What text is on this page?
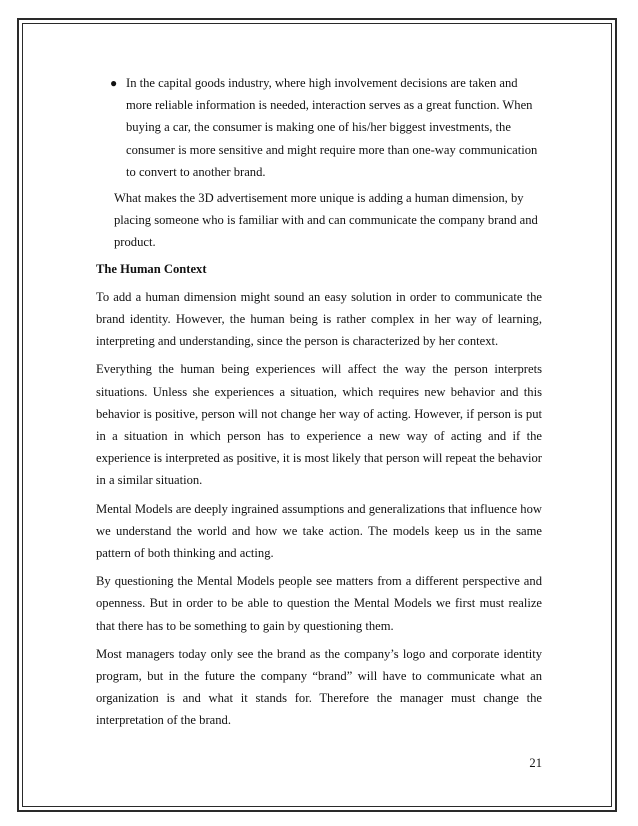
● In the capital goods industry, where high involvement decisions are taken and more reliable information is needed, interaction serves as a great function. When buying a car, the consumer is making one of his/her biggest investments, the consumer is more sensitive and might require more than one-way communication to convert to another brand.

What makes the 3D advertisement more unique is adding a human dimension, by placing someone who is familiar with and can communicate the company brand and product.

The Human Context

To add a human dimension might sound an easy solution in order to communicate the brand identity. However, the human being is rather complex in her way of learning, interpreting and understanding, since the person is characterized by her context.

Everything the human being experiences will affect the way the person interprets situations. Unless she experiences a situation, which requires new behavior and this behavior is positive, person will not change her way of acting. However, if person is put in a situation in which person has to experience a new way of acting and if the experience is interpreted as positive, it is most likely that person will repeat the behavior in a similar situation.

Mental Models are deeply ingrained assumptions and generalizations that influence how we understand the world and how we take action. The models keep us in the same pattern of both thinking and acting.

By questioning the Mental Models people see matters from a different perspective and openness. But in order to be able to question the Mental Models we first must realize that there has to be something to gain by questioning them.

Most managers today only see the brand as the company’s logo and corporate identity program, but in the future the company “brand” will have to communicate what an organization is and what it stands for. Therefore the manager must change the interpretation of the brand.

21
